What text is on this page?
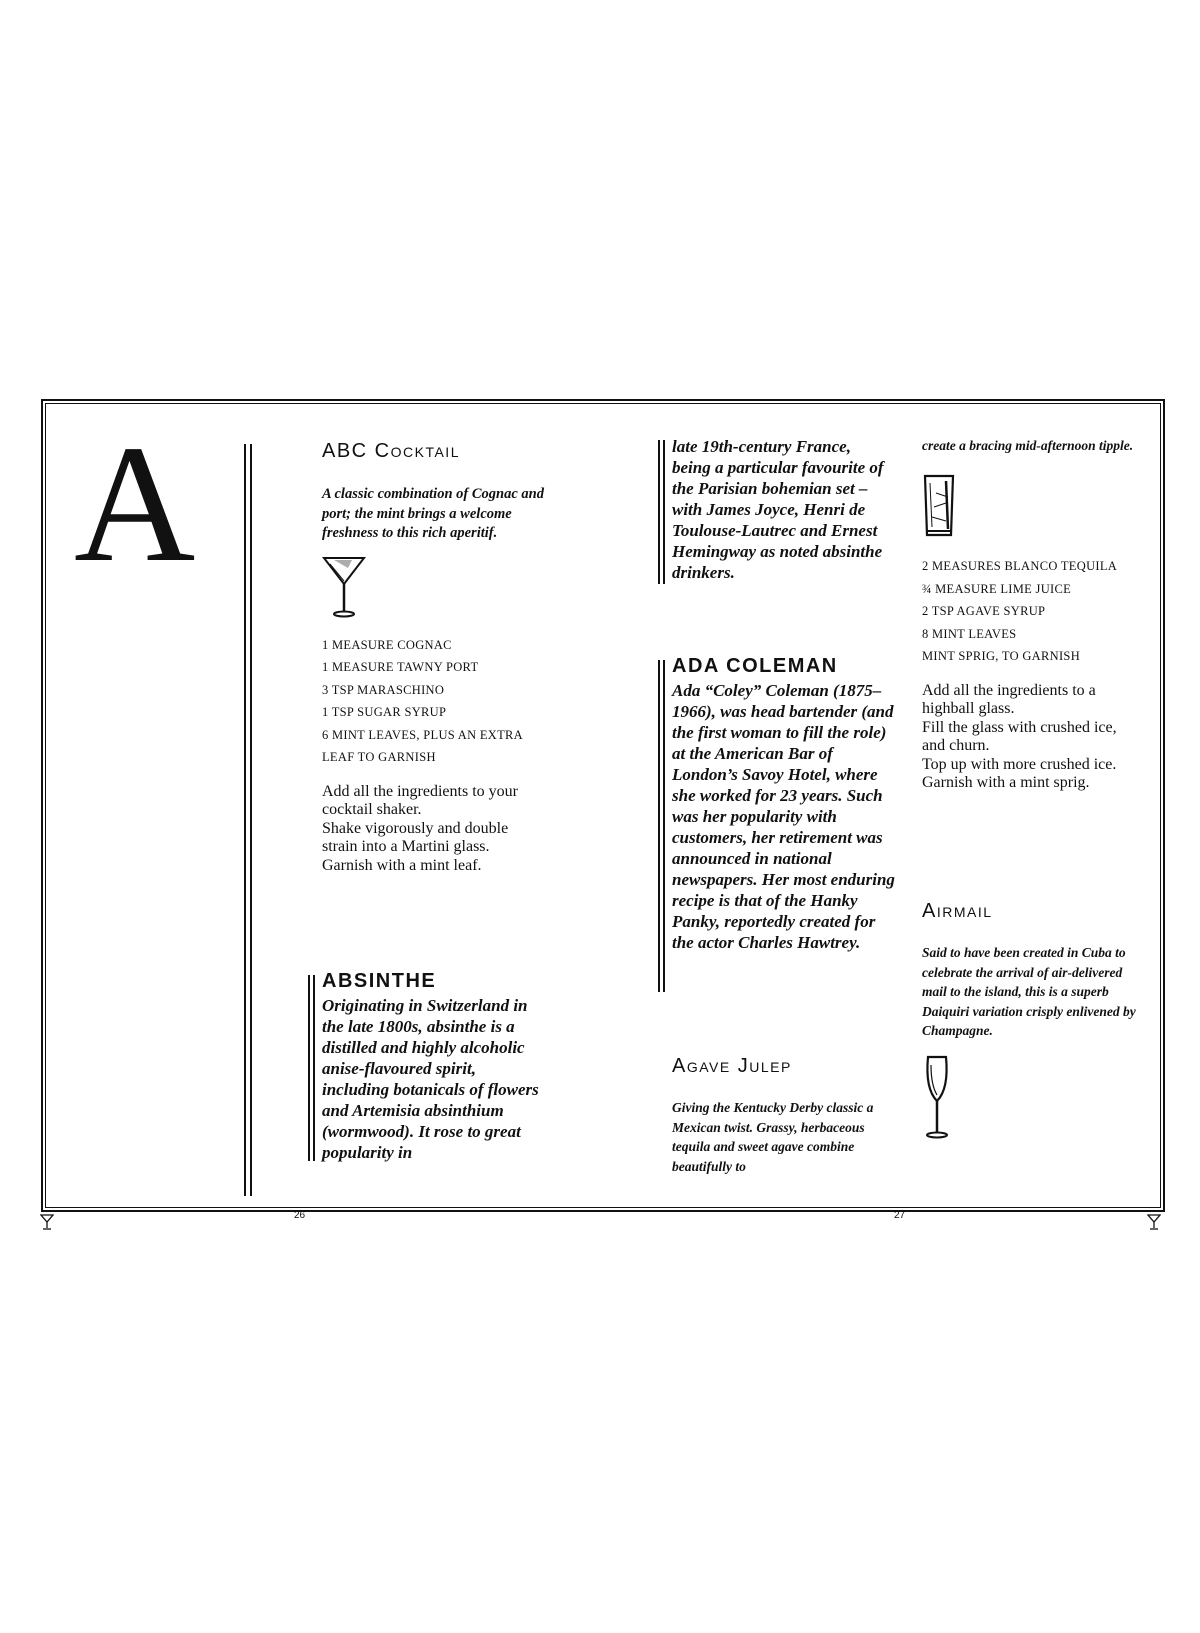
A	ABC Cocktail

A classic combination of Cognac and port; the mint brings a welcome freshness to this rich aperitif.

1 MEASURE COGNAC
1 MEASURE TAWNY PORT
3 TSP MARASCHINO
1 TSP SUGAR SYRUP
6 MINT LEAVES, PLUS AN EXTRA
LEAF TO GARNISH

Add all the ingredients to your cocktail shaker.

Shake vigorously and double strain into a Martini glass.

Garnish with a mint leaf.

ABSINTHE

Originating in Switzerland in the late 1800s, absinthe is a distilled and highly alcoholic anise-flavoured spirit, including botanicals of flowers and Artemisia absinthium (wormwood). It rose to great popularity in

late 19th-century France, being a particular favourite of the Parisian bohemian set – with James Joyce, Henri de Toulouse-Lautrec and Ernest Hemingway as noted absinthe drinkers.

ADA COLEMAN

Ada “Coley” Coleman (1875–1966), was head bartender (and the first woman to fill the role) at the American Bar of London’s Savoy Hotel, where she worked for 23 years. Such was her popularity with customers, her retirement was announced in national newspapers. Her most enduring recipe is that of the Hanky Panky, reportedly created for the actor Charles Hawtrey.

Agave Julep

Giving the Kentucky Derby classic a Mexican twist. Grassy, herbaceous tequila and sweet agave combine beautifully to

create a bracing mid-afternoon tipple.

2 MEASURES BLANCO TEQUILA
¾ MEASURE LIME JUICE
2 TSP AGAVE SYRUP
8 MINT LEAVES
MINT SPRIG, TO GARNISH

Add all the ingredients to a highball glass.

Fill the glass with crushed ice, and churn.

Top up with more crushed ice.

Garnish with a mint sprig.

Airmail

Said to have been created in Cuba to celebrate the arrival of air-delivered mail to the island, this is a superb Daiquiri variation crisply enlivened by Champagne.

26	27
